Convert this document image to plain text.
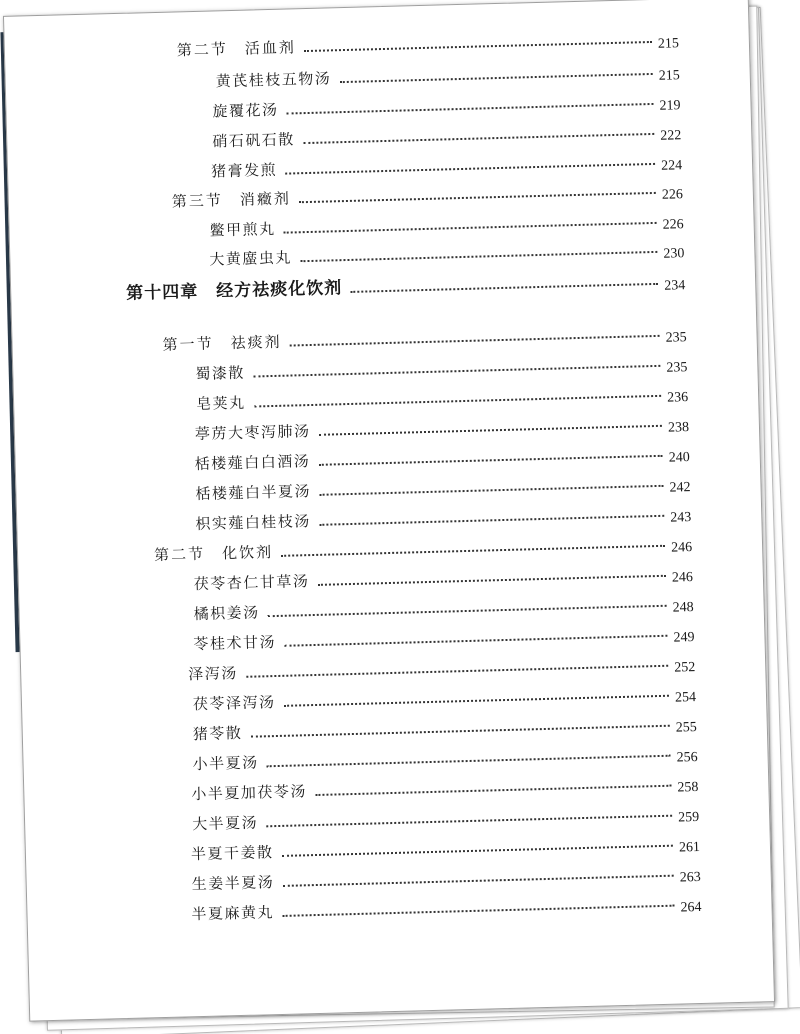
第二节　活血剂	215
黄芪桂枝五物汤	215
旋覆花汤	219
硝石矾石散	222
猪膏发煎	224
第三节　消癥剂	226
鳖甲煎丸	226
大黄䗪虫丸	230
第十四章　经方祛痰化饮剂	234
第一节　祛痰剂	235
蜀漆散	235
皂荚丸	236
葶苈大枣泻肺汤	238
栝楼薤白白酒汤	240
栝楼薤白半夏汤	242
枳实薤白桂枝汤	243
第二节　化饮剂	246
茯苓杏仁甘草汤	246
橘枳姜汤	248
苓桂术甘汤	249
泽泻汤	252
茯苓泽泻汤	254
猪苓散	255
小半夏汤	256
小半夏加茯苓汤	258
大半夏汤	259
半夏干姜散	261
生姜半夏汤	263
半夏麻黄丸	264
